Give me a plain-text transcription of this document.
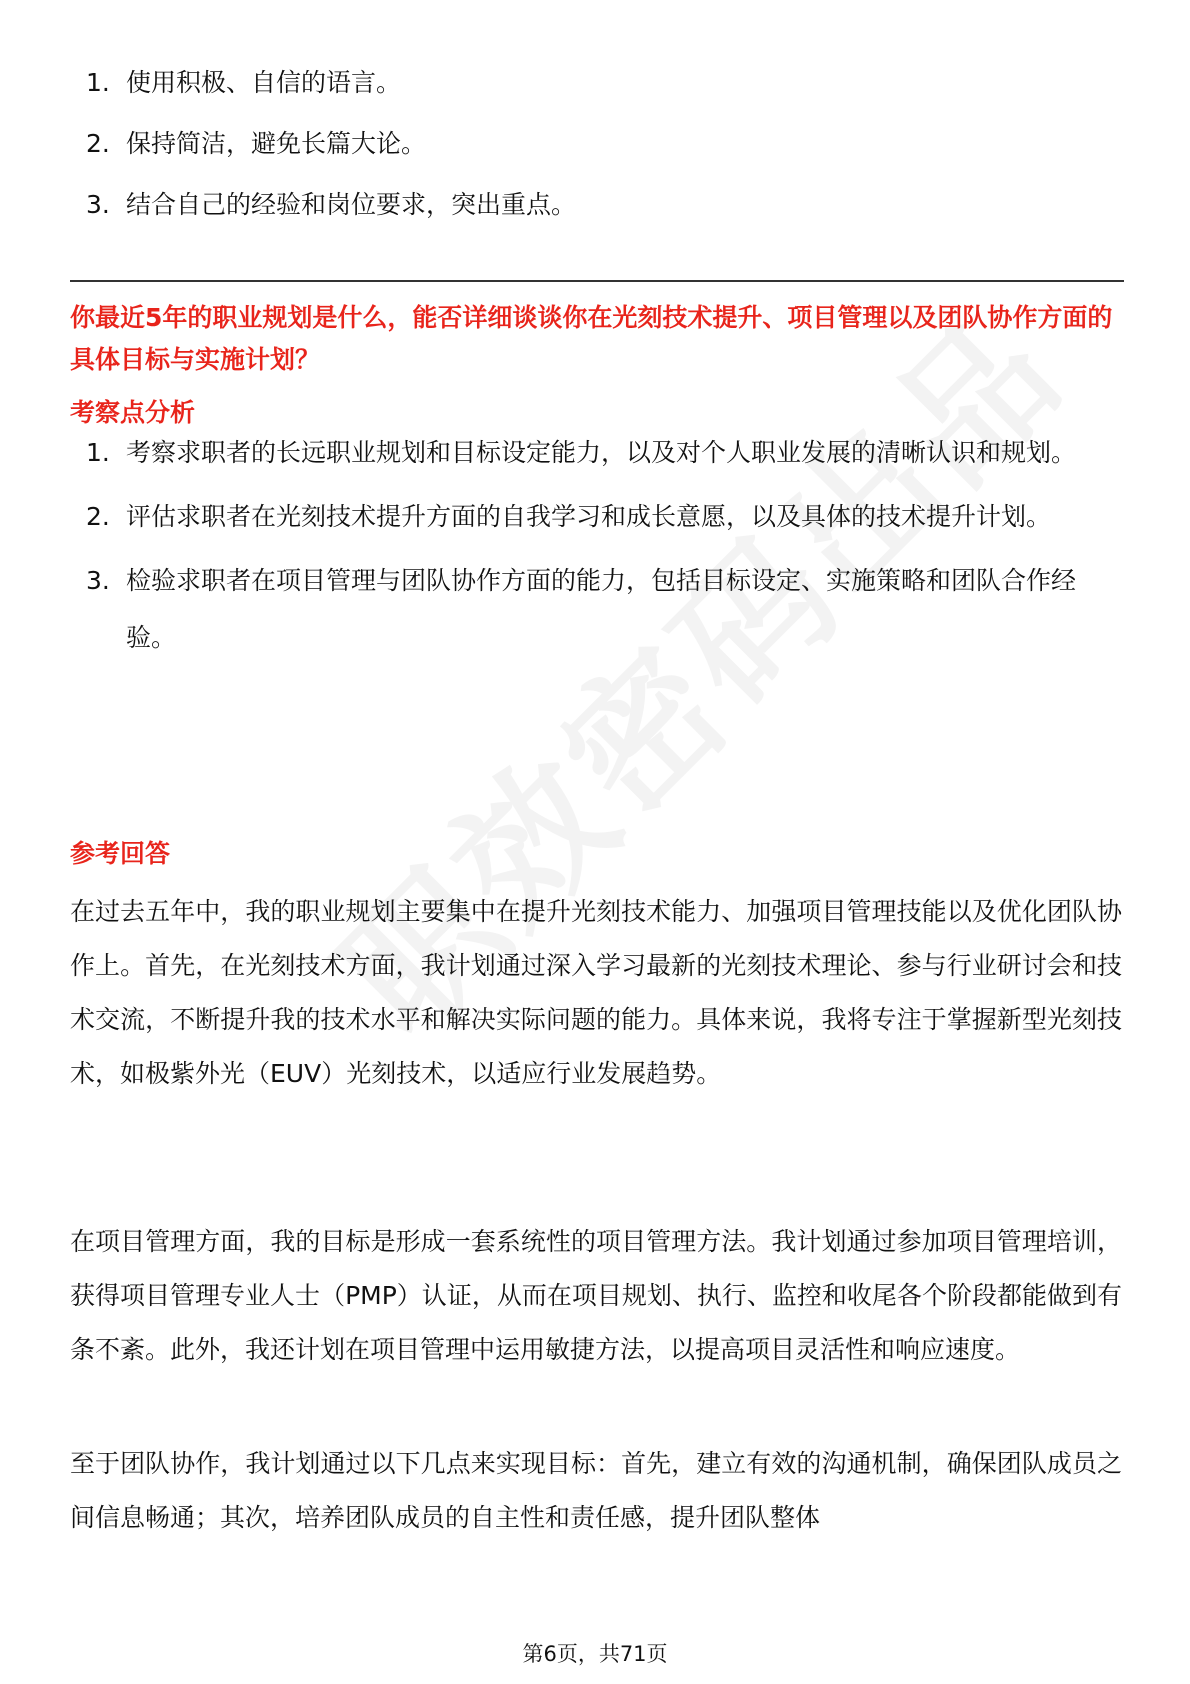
1. 使用积极、自信的语言。
2. 保持简洁，避免长篇大论。
3. 结合自己的经验和岗位要求，突出重点。
你最近5年的职业规划是什么，能否详细谈谈你在光刻技术提升、项目管理以及团队协作方面的具体目标与实施计划？
考察点分析
1. 考察求职者的长远职业规划和目标设定能力，以及对个人职业发展的清晰认识和规划。
2. 评估求职者在光刻技术提升方面的自我学习和成长意愿，以及具体的技术提升计划。
3. 检验求职者在项目管理与团队协作方面的能力，包括目标设定、实施策略和团队合作经验。
参考回答

在过去五年中，我的职业规划主要集中在提升光刻技术能力、加强项目管理技能以及优化团队协作上。首先，在光刻技术方面，我计划通过深入学习最新的光刻技术理论、参与行业研讨会和技术交流，不断提升我的技术水平和解决实际问题的能力。具体来说，我将专注于掌握新型光刻技术，如极紫外光（EUV）光刻技术，以适应行业发展趋势。

在项目管理方面，我的目标是形成一套系统性的项目管理方法。我计划通过参加项目管理培训，获得项目管理专业人士（PMP）认证，从而在项目规划、执行、监控和收尾各个阶段都能做到有条不紊。此外，我还计划在项目管理中运用敏捷方法，以提高项目灵活性和响应速度。

至于团队协作，我计划通过以下几点来实现目标：首先，建立有效的沟通机制，确保团队成员之间信息畅通；其次，培养团队成员的自主性和责任感，提升团队整体

第6页，共71页
